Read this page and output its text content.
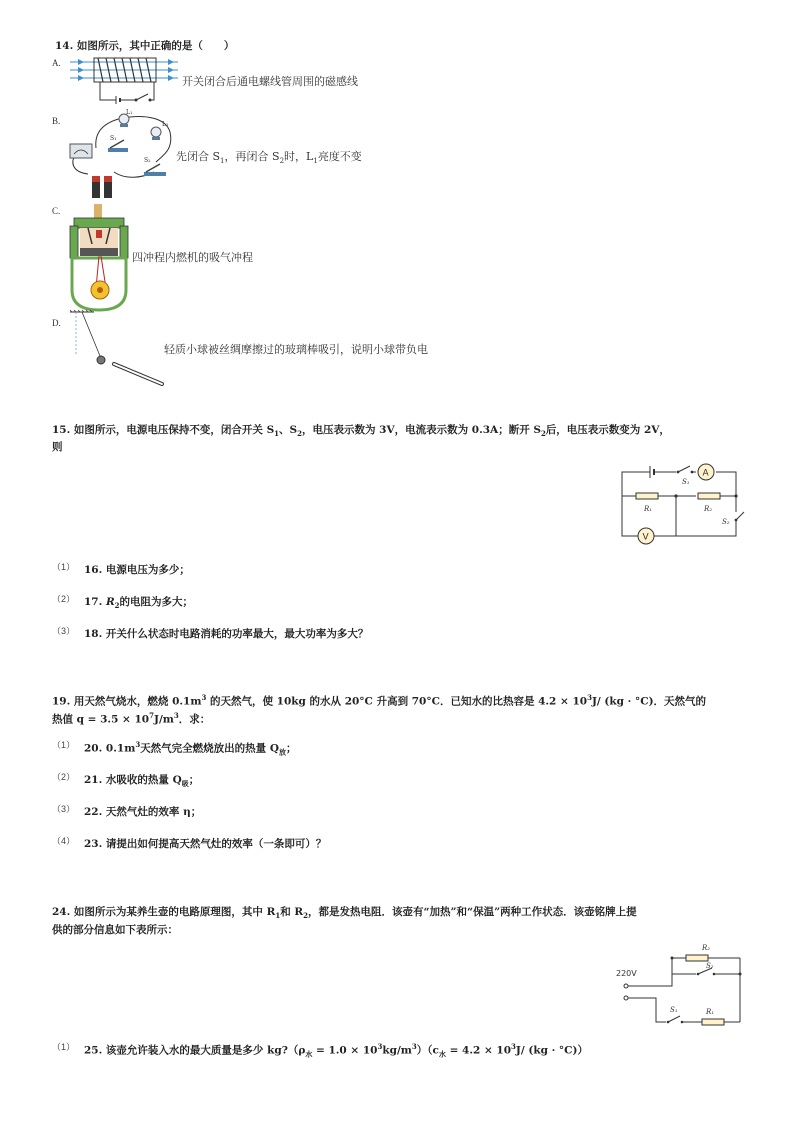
14. 如图所示，其中正确的是（　　）
A.
开关闭合后通电螺线管周围的磁感线
B.
L₁
S₁
S₂
L₂
先闭合 $S_1$，再闭合 $S_2$时，$L_1$亮度不变
C.
四冲程内燃机的吸气冲程
D.
轻质小球被丝绸摩擦过的玻璃棒吸引，说明小球带负电
15. 如图所示，电源电压保持不变，闭合开关 $S_1$、$S_2$，电压表示数为 3V，电流表示数为 0.3A；断开 $S_2$后，电压表示数变为 2V，
则
A
V
S₁
R₁	R₂
S₂
（1） 16. 电源电压为多少；
（2） 17. $R_2$的电阻为多大；
（3） 18. 开关什么状态时电路消耗的功率最大，最大功率为多大？
19. 用天然气烧水，燃烧 $0.1m^3$ 的天然气，使 10kg 的水从 20°C 升高到 70°C．已知水的比热容是 $4.2 \times 10^3J/$ (kg · °C)．天然气的
热值 $q = 3.5 \times 10^7J/m^3$．求：
（1） 20. $0.1m^3$天然气完全燃烧放出的热量 $Q_放$；
（2） 21. 水吸收的热量 $Q_吸$；
（3） 22. 天然气灶的效率 η；
（4） 23. 请提出如何提高天然气灶的效率（一条即可）？
24. 如图所示为某养生壶的电路原理图，其中 $R_1$和 $R_2$，都是发热电阻．该壶有“加热”和“保温”两种工作状态．该壶铭牌上提
供的部分信息如下表所示：
220V
R₂
S₂
S₁	R₁
（1） 25. 该壶允许装入水的最大质量是多少 $kg?(\rho_水 = 1.0 \times 10^3kg/m^3)(c_水 = 4.2 \times 10^3J/$ (kg · °C)）
